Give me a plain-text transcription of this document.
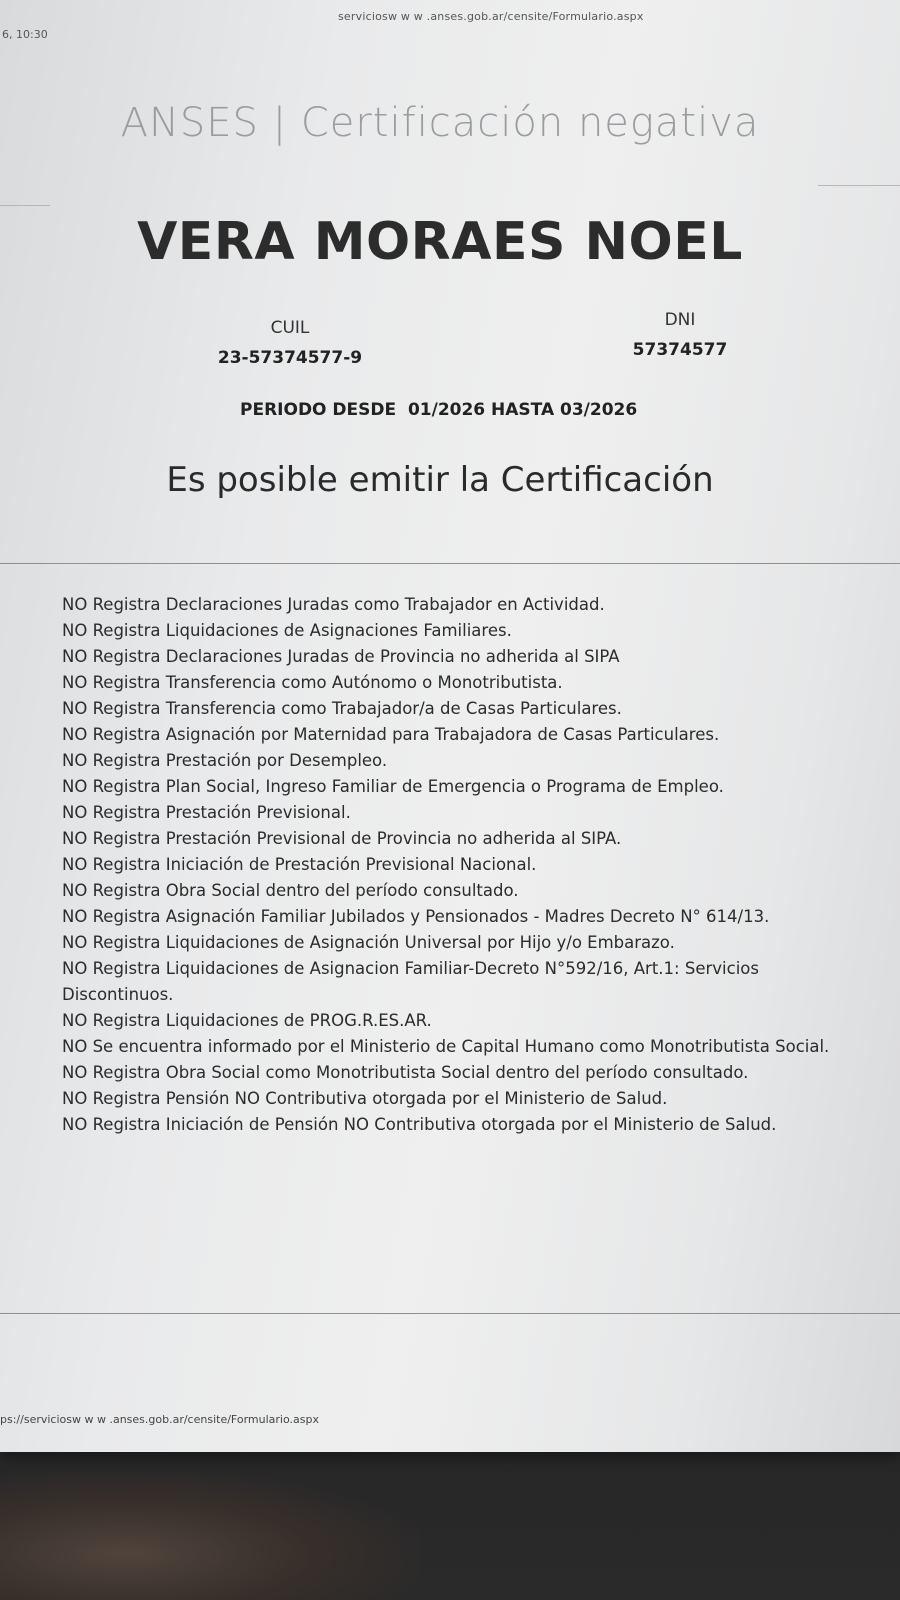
6, 10:30
serviciosw w w .anses.gob.ar/censite/Formulario.aspx
ANSES | Certificación negativa
VERA MORAES NOEL
CUIL
23-57374577-9
DNI
57374577
PERIODO DESDE  01/2026 HASTA 03/2026
Es posible emitir la Certificación
NO Registra Declaraciones Juradas como Trabajador en Actividad.
NO Registra Liquidaciones de Asignaciones Familiares.
NO Registra Declaraciones Juradas de Provincia no adherida al SIPA
NO Registra Transferencia como Autónomo o Monotributista.
NO Registra Transferencia como Trabajador/a de Casas Particulares.
NO Registra Asignación por Maternidad para Trabajadora de Casas Particulares.
NO Registra Prestación por Desempleo.
NO Registra Plan Social, Ingreso Familiar de Emergencia o Programa de Empleo.
NO Registra Prestación Previsional.
NO Registra Prestación Previsional de Provincia no adherida al SIPA.
NO Registra Iniciación de Prestación Previsional Nacional.
NO Registra Obra Social dentro del período consultado.
NO Registra Asignación Familiar Jubilados y Pensionados - Madres Decreto N° 614/13.
NO Registra Liquidaciones de Asignación Universal por Hijo y/o Embarazo.
NO Registra Liquidaciones de Asignacion Familiar-Decreto N°592/16, Art.1: Servicios Discontinuos.
NO Registra Liquidaciones de PROG.R.ES.AR.
NO Se encuentra informado por el Ministerio de Capital Humano como Monotributista Social.
NO Registra Obra Social como Monotributista Social dentro del período consultado.
NO Registra Pensión NO Contributiva otorgada por el Ministerio de Salud.
NO Registra Iniciación de Pensión NO Contributiva otorgada por el Ministerio de Salud.
ps://serviciosw w w .anses.gob.ar/censite/Formulario.aspx
